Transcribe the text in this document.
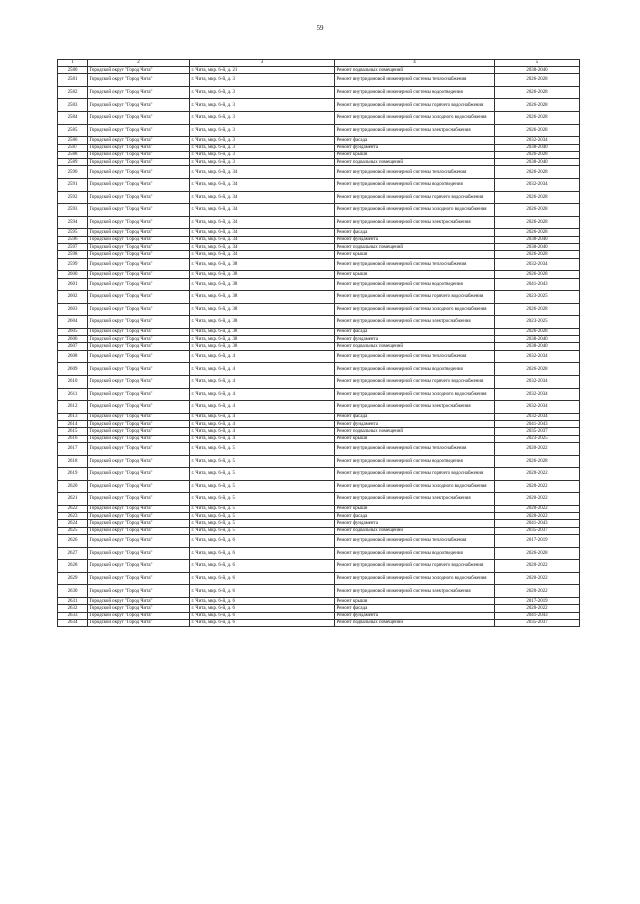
59
1	2	3	4	5
2580	Городской округ "Город Чита"	г. Чита, мкр. 6-й, д. 21	Ремонт подвальных помещений	2038-2040
2581	Городской округ "Город Чита"	г. Чита, мкр. 6-й, д. 3	Ремонт внутридомовой инженерной системы теплоснабжения	2026-2028
2582	Городской округ "Город Чита"	г. Чита, мкр. 6-й, д. 3	Ремонт внутридомовой инженерной системы водоотведения	2026-2028
2583	Городской округ "Город Чита"	г. Чита, мкр. 6-й, д. 3	Ремонт внутридомовой инженерной системы горячего водоснабжения	2026-2028
2584	Городской округ "Город Чита"	г. Чита, мкр. 6-й, д. 3	Ремонт внутридомовой инженерной системы холодного водоснабжения	2026-2028
2585	Городской округ "Город Чита"	г. Чита, мкр. 6-й, д. 3	Ремонт внутридомовой инженерной системы электроснабжения	2026-2028
2586	Городской округ "Город Чита"	г. Чита, мкр. 6-й, д. 3	Ремонт фасада	2032-2034
2587	Городской округ "Город Чита"	г. Чита, мкр. 6-й, д. 3	Ремонт фундамента	2038-2040
2588	Городской округ "Город Чита"	г. Чита, мкр. 6-й, д. 3	Ремонт крыши	2026-2028
2589	Городской округ "Город Чита"	г. Чита, мкр. 6-й, д. 3	Ремонт подвальных помещений	2038-2040
2590	Городской округ "Город Чита"	г. Чита, мкр. 6-й, д. 34	Ремонт внутридомовой инженерной системы теплоснабжения	2026-2028
2591	Городской округ "Город Чита"	г. Чита, мкр. 6-й, д. 34	Ремонт внутридомовой инженерной системы водоотведения	2032-2034
2592	Городской округ "Город Чита"	г. Чита, мкр. 6-й, д. 34	Ремонт внутридомовой инженерной системы горячего водоснабжения	2026-2028
2593	Городской округ "Город Чита"	г. Чита, мкр. 6-й, д. 34	Ремонт внутридомовой инженерной системы холодного водоснабжения	2026-2028
2594	Городской округ "Город Чита"	г. Чита, мкр. 6-й, д. 34	Ремонт внутридомовой инженерной системы электроснабжения	2026-2028
2595	Городской округ "Город Чита"	г. Чита, мкр. 6-й, д. 34	Ремонт фасада	2026-2028
2596	Городской округ "Город Чита"	г. Чита, мкр. 6-й, д. 34	Ремонт фундамента	2038-2040
2597	Городской округ "Город Чита"	г. Чита, мкр. 6-й, д. 34	Ремонт подвальных помещений	2038-2040
2598	Городской округ "Город Чита"	г. Чита, мкр. 6-й, д. 34	Ремонт крыши	2026-2028
2599	Городской округ "Город Чита"	г. Чита, мкр. 6-й, д. 38	Ремонт внутридомовой инженерной системы теплоснабжения	2032-2034
2600	Городской округ "Город Чита"	г. Чита, мкр. 6-й, д. 38	Ремонт крыши	2026-2028
2601	Городской округ "Город Чита"	г. Чита, мкр. 6-й, д. 38	Ремонт внутридомовой инженерной системы водоотведения	2041-2043
2602	Городской округ "Город Чита"	г. Чита, мкр. 6-й, д. 38	Ремонт внутридомовой инженерной системы горячего водоснабжения	2023-2025
2603	Городской округ "Город Чита"	г. Чита, мкр. 6-й, д. 38	Ремонт внутридомовой инженерной системы холодного водоснабжения	2026-2028
2604	Городской округ "Город Чита"	г. Чита, мкр. 6-й, д. 38	Ремонт внутридомовой инженерной системы электроснабжения	2023-2025
2605	Городской округ "Город Чита"	г. Чита, мкр. 6-й, д. 38	Ремонт фасада	2026-2028
2606	Городской округ "Город Чита"	г. Чита, мкр. 6-й, д. 38	Ремонт фундамента	2038-2040
2607	Городской округ "Город Чита"	г. Чита, мкр. 6-й, д. 38	Ремонт подвальных помещений	2038-2040
2608	Городской округ "Город Чита"	г. Чита, мкр. 6-й, д. 4	Ремонт внутридомовой инженерной системы теплоснабжения	2032-2034
2609	Городской округ "Город Чита"	г. Чита, мкр. 6-й, д. 4	Ремонт внутридомовой инженерной системы водоотведения	2026-2028
2610	Городской округ "Город Чита"	г. Чита, мкр. 6-й, д. 4	Ремонт внутридомовой инженерной системы горячего водоснабжения	2032-2034
2611	Городской округ "Город Чита"	г. Чита, мкр. 6-й, д. 4	Ремонт внутридомовой инженерной системы холодного водоснабжения	2032-2034
2612	Городской округ "Город Чита"	г. Чита, мкр. 6-й, д. 4	Ремонт внутридомовой инженерной системы электроснабжения	2032-2034
2613	Городской округ "Город Чита"	г. Чита, мкр. 6-й, д. 4	Ремонт фасада	2032-2034
2614	Городской округ "Город Чита"	г. Чита, мкр. 6-й, д. 4	Ремонт фундамента	2041-2043
2615	Городской округ "Город Чита"	г. Чита, мкр. 6-й, д. 4	Ремонт подвальных помещений	2035-2037
2616	Городской округ "Город Чита"	г. Чита, мкр. 6-й, д. 4	Ремонт крыши	2023-2025
2617	Городской округ "Город Чита"	г. Чита, мкр. 6-й, д. 5	Ремонт внутридомовой инженерной системы теплоснабжения	2020-2022
2618	Городской округ "Город Чита"	г. Чита, мкр. 6-й, д. 5	Ремонт внутридомовой инженерной системы водоотведения	2026-2028
2619	Городской округ "Город Чита"	г. Чита, мкр. 6-й, д. 5	Ремонт внутридомовой инженерной системы горячего водоснабжения	2020-2022
2620	Городской округ "Город Чита"	г. Чита, мкр. 6-й, д. 5	Ремонт внутридомовой инженерной системы холодного водоснабжения	2020-2022
2621	Городской округ "Город Чита"	г. Чита, мкр. 6-й, д. 5	Ремонт внутридомовой инженерной системы электроснабжения	2020-2022
2622	Городской округ "Город Чита"	г. Чита, мкр. 6-й, д. 5	Ремонт крыши	2020-2022
2623	Городской округ "Город Чита"	г. Чита, мкр. 6-й, д. 5	Ремонт фасада	2020-2022
2624	Городской округ "Город Чита"	г. Чита, мкр. 6-й, д. 5	Ремонт фундамента	2041-2043
2625	Городской округ "Город Чита"	г. Чита, мкр. 6-й, д. 5	Ремонт подвальных помещений	2035-2037
2626	Городской округ "Город Чита"	г. Чита, мкр. 6-й, д. 6	Ремонт внутридомовой инженерной системы теплоснабжения	2017-2019
2627	Городской округ "Город Чита"	г. Чита, мкр. 6-й, д. 6	Ремонт внутридомовой инженерной системы водоотведения	2026-2028
2628	Городской округ "Город Чита"	г. Чита, мкр. 6-й, д. 6	Ремонт внутридомовой инженерной системы горячего водоснабжения	2020-2022
2629	Городской округ "Город Чита"	г. Чита, мкр. 6-й, д. 6	Ремонт внутридомовой инженерной системы холодного водоснабжения	2020-2022
2630	Городской округ "Город Чита"	г. Чита, мкр. 6-й, д. 6	Ремонт внутридомовой инженерной системы электроснабжения	2020-2022
2631	Городской округ "Город Чита"	г. Чита, мкр. 6-й, д. 6	Ремонт крыши	2017-2019
2632	Городской округ "Город Чита"	г. Чита, мкр. 6-й, д. 6	Ремонт фасада	2020-2022
2633	Городской округ "Город Чита"	г. Чита, мкр. 6-й, д. 6	Ремонт фундамента	2041-2043
2634	Городской округ "Город Чита"	г. Чита, мкр. 6-й, д. 6	Ремонт подвальных помещений	2035-2037
